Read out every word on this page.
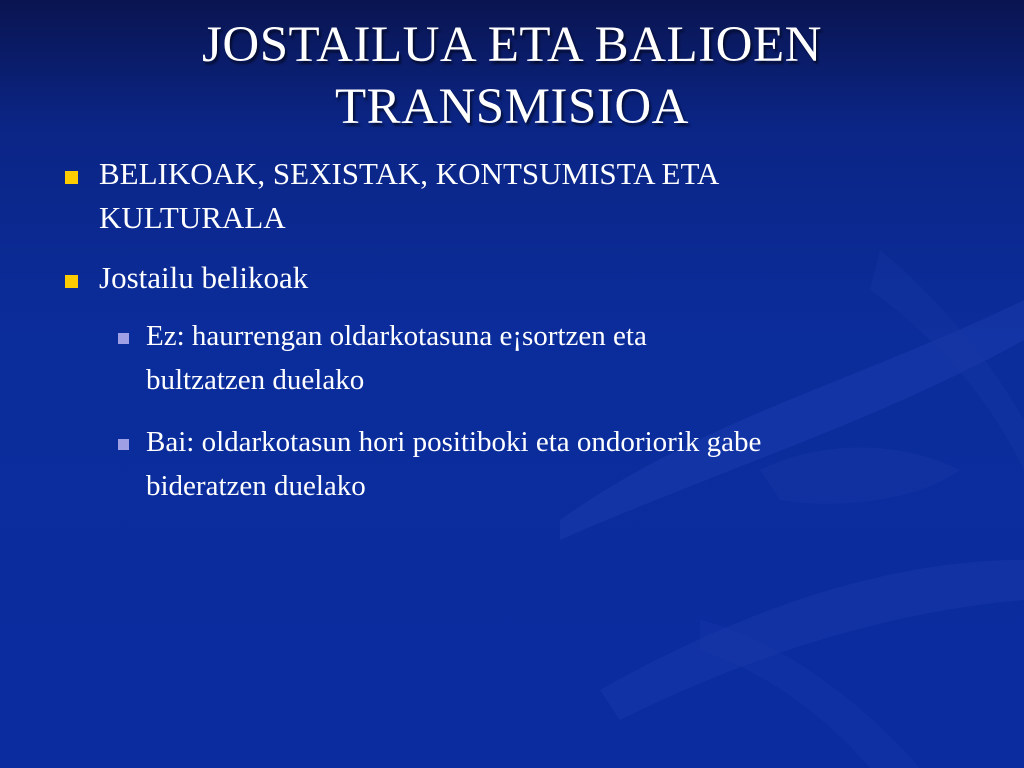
JOSTAILUA ETA BALIOEN
TRANSMISIOA
BELIKOAK, SEXISTAK, KONTSUMISTA ETA
KULTURALA
Jostailu belikoak
Ez: haurrengan oldarkotasuna e¡sortzen eta
bultzatzen duelako
Bai: oldarkotasun hori positiboki eta ondoriorik gabe
bideratzen duelako
